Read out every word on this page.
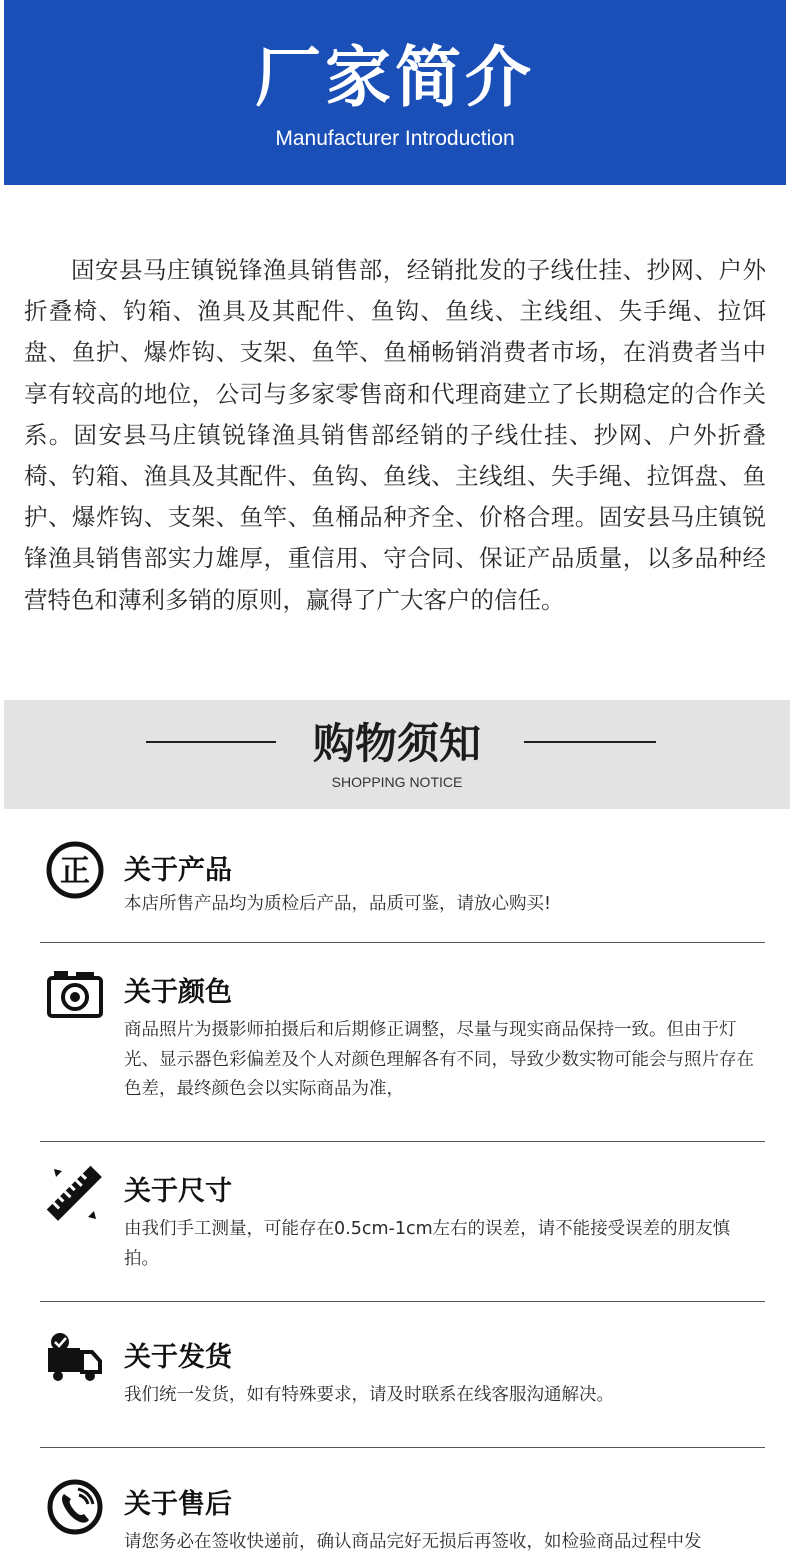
厂家简介
Manufacturer Introduction

固安县马庄镇锐锋渔具销售部，经销批发的子线仕挂、抄网、户外折叠椅、钓箱、渔具及其配件、鱼钩、鱼线、主线组、失手绳、拉饵盘、鱼护、爆炸钩、支架、鱼竿、鱼桶畅销消费者市场，在消费者当中享有较高的地位，公司与多家零售商和代理商建立了长期稳定的合作关系。固安县马庄镇锐锋渔具销售部经销的子线仕挂、抄网、户外折叠椅、钓箱、渔具及其配件、鱼钩、鱼线、主线组、失手绳、拉饵盘、鱼护、爆炸钩、支架、鱼竿、鱼桶品种齐全、价格合理。固安县马庄镇锐锋渔具销售部实力雄厚，重信用、守合同、保证产品质量，以多品种经营特色和薄利多销的原则，赢得了广大客户的信任。

购物须知
SHOPPING NOTICE
正 关于产品

本店所售产品均为质检后产品，品质可鉴，请放心购买!

关于颜色

商品照片为摄影师拍摄后和后期修正调整，尽量与现实商品保持一致。但由于灯光、显示器色彩偏差及个人对颜色理解各有不同，导致少数实物可能会与照片存在色差，最终颜色会以实际商品为准，

关于尺寸

由我们手工测量，可能存在0.5cm-1cm左右的误差，请不能接受误差的朋友慎拍。

关于发货

我们统一发货，如有特殊要求，请及时联系在线客服沟通解决。

关于售后

请您务必在签收快递前，确认商品完好无损后再签收，如检验商品过程中发
